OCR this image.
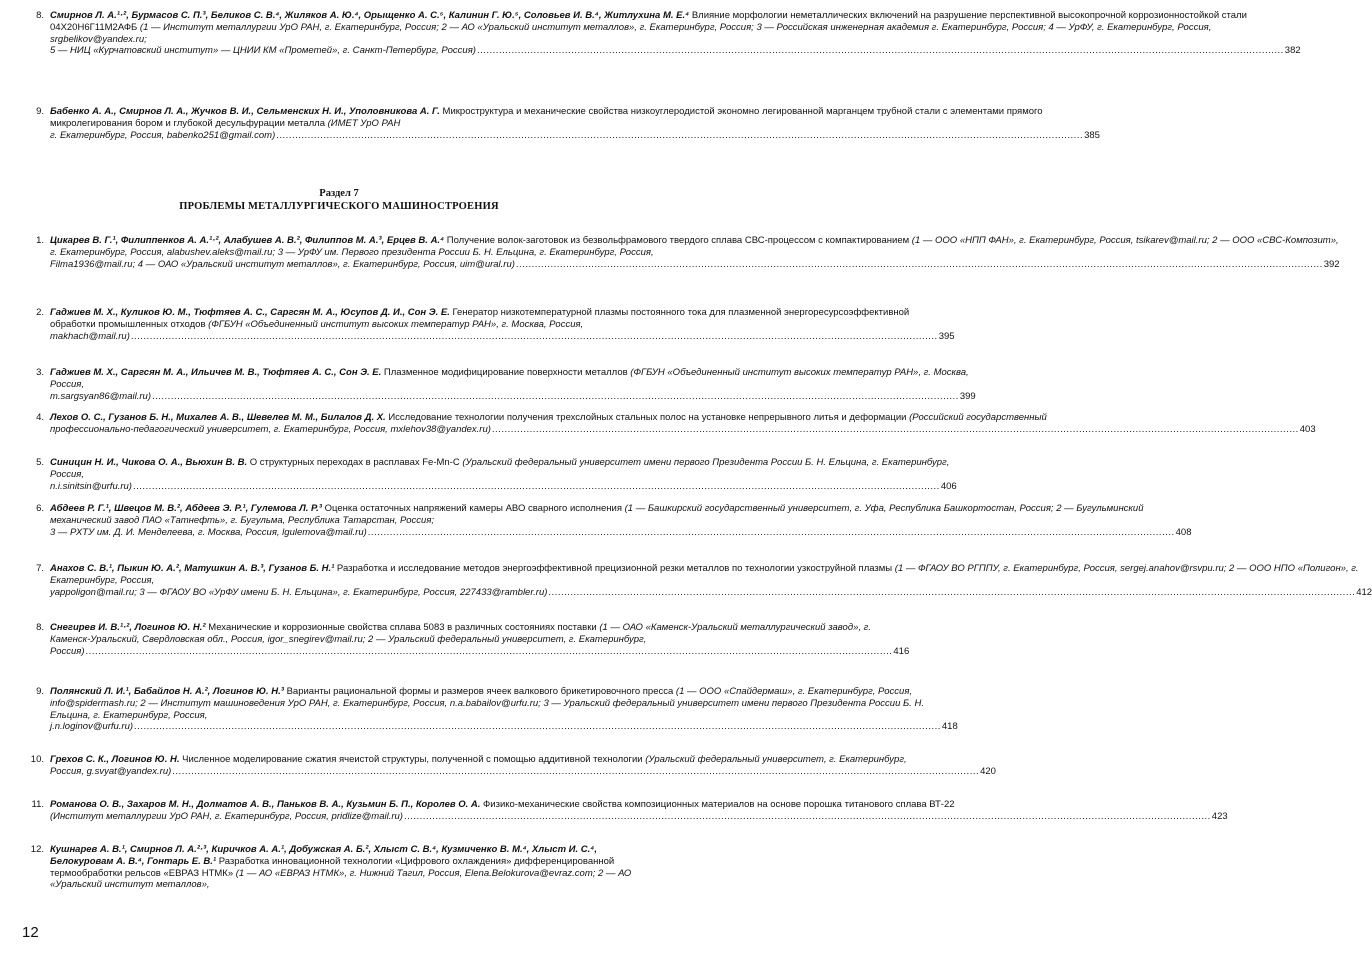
8. Смирнов Л. А.¹·², Бурмасов С. П.³, Беликов С. В.⁴, Жиляков А. Ю.⁴, Орыщенко А. С.⁵, Калинин Г. Ю.⁵, Соловьев И. В.⁴, Житлухина М. Е.⁴ Влияние морфологии неметаллических включений на разрушение перспективной высокопрочной коррозионностойкой стали 04Х20Н6Г11М2АФБ (1 — Институт металлургии УрО РАН, г. Екатеринбург, Россия; 2 — АО «Уральский институт металлов», г. Екатеринбург, Россия; 3 — Российская инженерная академия г. Екатеринбург, Россия; 4 — УрФУ, г. Екатеринбург, Россия, srgbelikov@yandex.ru;

5 — НИЦ «Курчатовский институт» — ЦНИИ КМ «Прометей», г. Санкт-Петербург, Россия) .....	382
9. Бабенко А. А., Смирнов Л. А., Жучков В. И., Сельменских Н. И., Уполовникова А. Г. Микроструктура и механические свойства низкоуглеродистой экономно легированной марганцем трубной стали с элементами прямого микролегирования бором и глубокой десульфурации металла (ИМЕТ УрО РАН

г. Екатеринбург, Россия, babenko251@gmail.com) .....	385
1. Цикарев В. Г.¹, Филиппенков А. А.¹·², Алабушев А. В.², Филиппов М. А.³, Ерцев В. А.⁴ Получение волок-заготовок из безвольфрамового твердого сплава СВС-процессом с компактированием (1 — ООО «НПП ФАН», г. Екатеринбург, Россия, tsikarev@mail.ru; 2 — ООО «СВС-Композит», г. Екатеринбург, Россия, alabushev.aleks@mail.ru; 3 — УрФУ им. Первого президента России Б. Н. Ельцина, г. Екатеринбург, Россия,

Filma1936@mail.ru; 4 — ОАО «Уральский институт металлов», г. Екатеринбург, Россия, uim@ural.ru) .....	392
2. Гаджиев М. Х., Куликов Ю. М., Тюфтяев А. С., Саргсян М. А., Юсупов Д. И., Сон Э. Е. Генератор низкотемпературной плазмы постоянного тока для плазменной энергоресурсоэффективной обработки промышленных отходов (ФГБУН «Объединенный институт высоких температур РАН», г. Москва, Россия,

makhach@mail.ru) .....	395
3. Гаджиев М. Х., Саргсян М. А., Ильичев М. В., Тюфтяев А. С., Сон Э. Е. Плазменное модифицирование поверхности металлов (ФГБУН «Объединенный институт высоких температур РАН», г. Москва, Россия,

m.sargsyan86@mail.ru) .....	399
4. Лехов О. С., Гузанов Б. Н., Михалев А. В., Шевелев М. М., Билалов Д. Х. Исследование технологии получения трехслойных стальных полос на установке непрерывного литья и деформации (Российский государственный

профессионально-педагогический университет, г. Екатеринбург, Россия, mxlehov38@yandex.ru) .....	403
5. Синицин Н. И., Чикова О. А., Вьюхин В. В. О структурных переходах в расплавах Fe-Mn-C (Уральский федеральный университет имени первого Президента России Б. Н. Ельцина, г. Екатеринбург, Россия,

n.i.sinitsin@urfu.ru) .....	406
6. Абдеев Р. Г.¹, Швецов М. В.², Абдеев Э. Р.¹, Гулемова Л. Р.³ Оценка остаточных напряжений камеры АВО сварного исполнения (1 — Башкирский государственный университет, г. Уфа, Республика Башкортостан, Россия; 2 — Бугульминский механический завод ПАО «Татнефть», г. Бугульма, Республика Татарстан, Россия;

3 — РХТУ им. Д. И. Менделеева, г. Москва, Россия, lgulemova@mail.ru) .....	408
7. Анахов С. В.¹, Пыкин Ю. А.², Матушкин А. В.³, Гузанов Б. Н.¹ Разработка и исследование методов энергоэффективной прецизионной резки металлов по технологии узкоструйной плазмы (1 — ФГАОУ ВО РГППУ, г. Екатеринбург, Россия, sergej.anahov@rsvpu.ru; 2 — ООО НПО «Полигон», г. Екатеринбург, Россия,

yappoligon@mail.ru; 3 — ФГАОУ ВО «УрФУ имени Б. Н. Ельцина», г. Екатеринбург, Россия, 227433@rambler.ru) .....	412
8. Снегирев И. В.¹·², Логинов Ю. Н.² Механические и коррозионные свойства сплава 5083 в различных состояниях поставки (1 — ОАО «Каменск-Уральский металлургический завод», г. Каменск-Уральский, Свердловская обл., Россия, igor_snegirev@mail.ru; 2 — Уральский федеральный университет, г. Екатеринбург,

Россия) .....	416
9. Полянский Л. И.¹, Бабайлов Н. А.², Логинов Ю. Н.³ Варианты рациональной формы и размеров ячеек валкового брикетировочного пресса (1 — ООО «Спайдермаш», г. Екатеринбург, Россия, info@spidermash.ru; 2 — Институт машиноведения УрО РАН, г. Екатеринбург, Россия, n.a.babailov@urfu.ru; 3 — Уральский федеральный университет имени первого Президента России Б. Н. Ельцина, г. Екатеринбург, Россия,

j.n.loginov@urfu.ru) .....	418
10. Грехов С. К., Логинов Ю. Н. Численное моделирование сжатия ячеистой структуры, полученной с помощью аддитивной технологии (Уральский федеральный университет, г. Екатеринбург,

Россия, g.svyat@yandex.ru) .....	420
11. Романова О. В., Захаров М. Н., Долматов А. В., Паньков В. А., Кузьмин Б. П., Королев О. А. Физико-механические свойства композиционных материалов на основе порошка титанового сплава ВТ-22

(Институт металлургии УрО РАН, г. Екатеринбург, Россия, pridlize@mail.ru) .....	423
12. Кушнарев А. В.¹, Смирнов Л. А.²·³, Киричков А. А.¹, Добужская А. Б.², Хлыст С. В.⁴, Кузмиченко В. М.⁴, Хлыст И. С.⁴, Белокуровам А. В.⁴, Гонтарь Е. В.¹ Разработка инновационной технологии «Цифрового охлаждения» дифференцированной термообработки рельсов «ЕВРАЗ НТМК» (1 — АО «ЕВРАЗ НТМК», г. Нижний Тагил, Россия, Elena.Belokurova@evraz.com; 2 — АО «Уральский институт металлов»,

Раздел 7
ПРОБЛЕМЫ МЕТАЛЛУРГИЧЕСКОГО МАШИНОСТРОЕНИЯ
12
